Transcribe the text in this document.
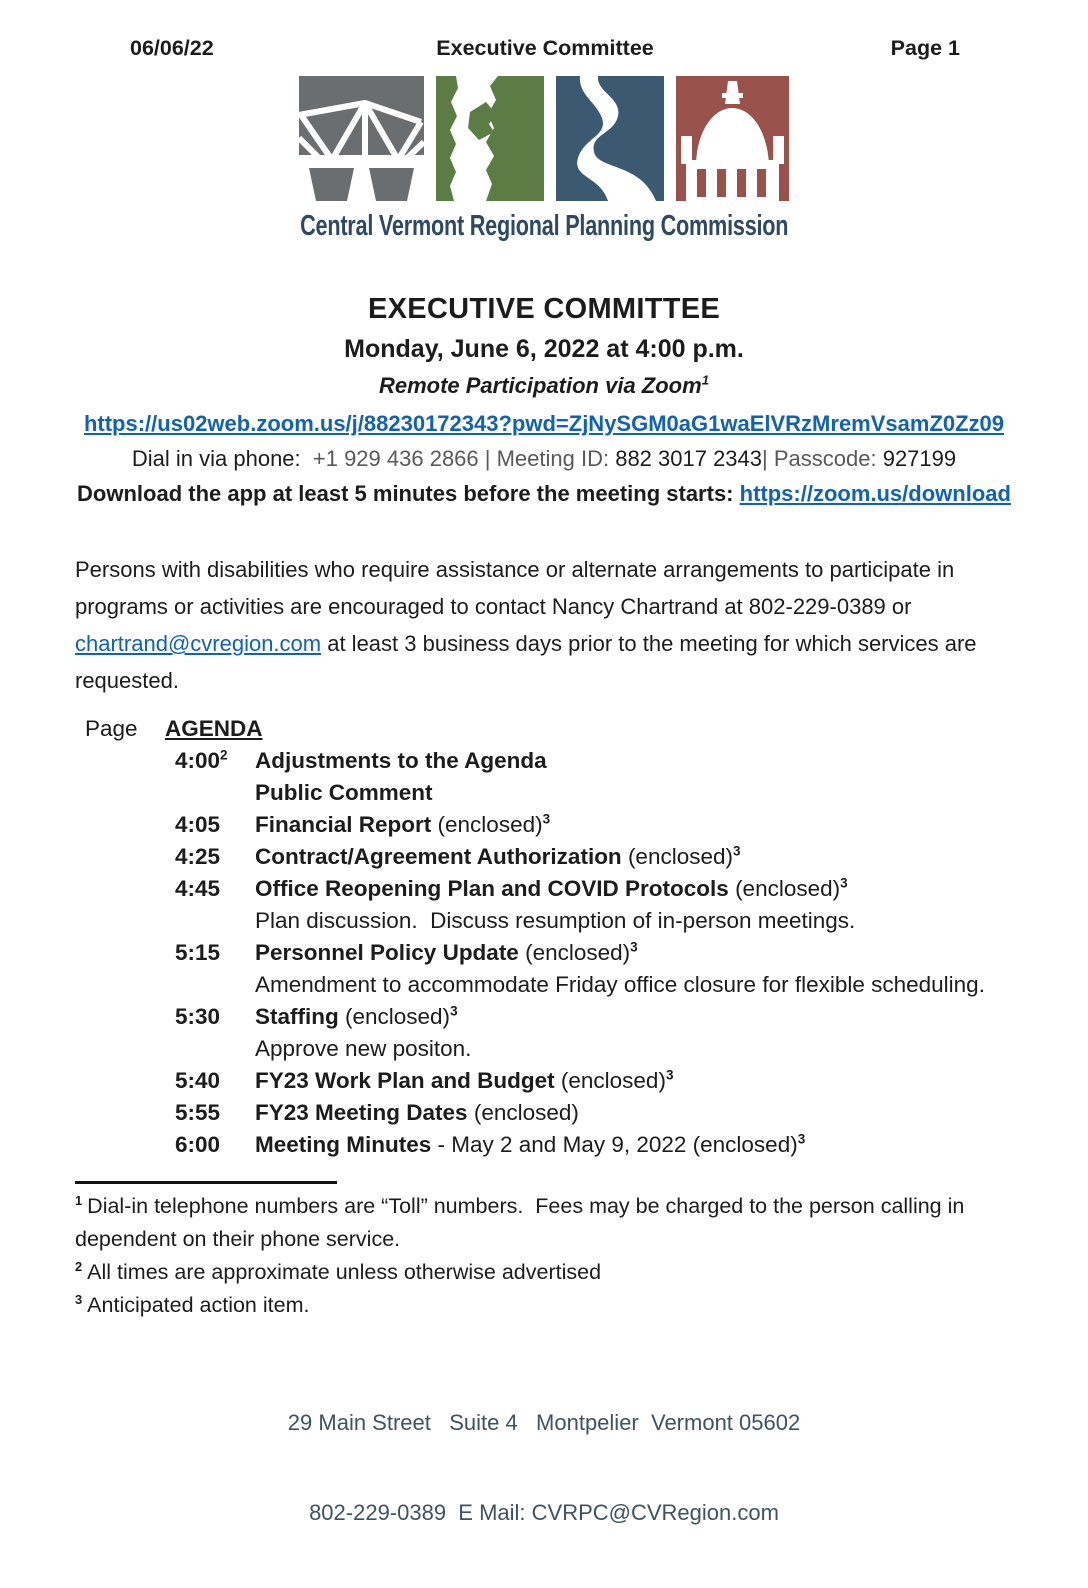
06/06/22	Executive Committee	Page 1
Central Vermont Regional Planning Commission
EXECUTIVE COMMITTEE
Monday, June 6, 2022 at 4:00 p.m.
Remote Participation via Zoom$^1$
https://us02web.zoom.us/j/88230172343?pwd=ZjNySGM0aG1waElVRzMremVsamZ0Zz09
Dial in via phone:  +1 929 436 2866 | Meeting ID: 882 3017 2343| Passcode: 927199
Download the app at least 5 minutes before the meeting starts: https://zoom.us/download

Persons with disabilities who require assistance or alternate arrangements to participate in programs or activities are encouraged to contact Nancy Chartrand at 802-229-0389 or chartrand@cvregion.com at least 3 business days prior to the meeting for which services are requested.

Page	AGENDA
$4:00^2$	Adjustments to the Agenda
Public Comment
4:05	Financial Report (enclosed)$^3$
4:25	Contract/Agreement Authorization (enclosed)$^3$
4:45	Office Reopening Plan and COVID Protocols (enclosed)$^3$
Plan discussion.  Discuss resumption of in-person meetings.
5:15	Personnel Policy Update (enclosed)$^3$
Amendment to accommodate Friday office closure for flexible scheduling.
5:30	Staffing (enclosed)$^3$
Approve new positon.
5:40	FY23 Work Plan and Budget (enclosed)$^3$
5:55	FY23 Meeting Dates (enclosed)
6:00	Meeting Minutes - May 2 and May 9, 2022 (enclosed)$^3$
$^1$ Dial-in telephone numbers are “Toll” numbers.  Fees may be charged to the person calling in dependent on their phone service.
$^2$ All times are approximate unless otherwise advertised
$^3$ Anticipated action item.

29 Main Street   Suite 4   Montpelier  Vermont 05602

802-229-0389  E Mail: CVRPC@CVRegion.com
